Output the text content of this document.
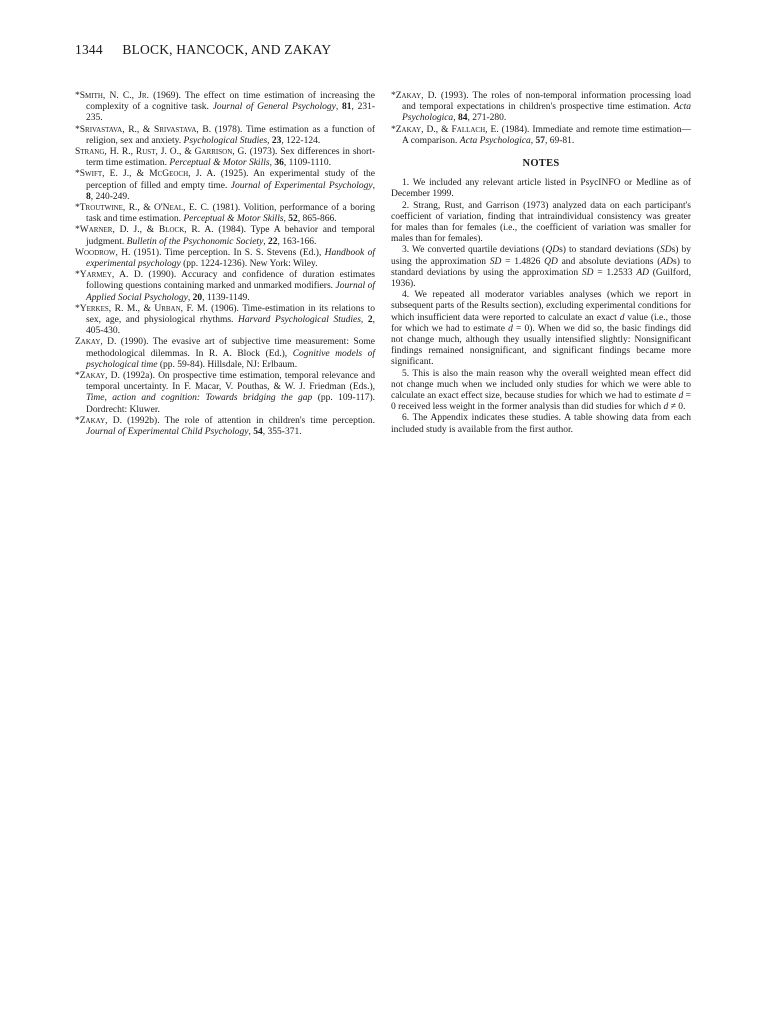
1344 BLOCK, HANCOCK, AND ZAKAY

*Smith, N. C., Jr. (1969). The effect on time estimation of increasing the complexity of a cognitive task. Journal of General Psychology, 81, 231-235.

*Srivastava, R., & Srivastava, B. (1978). Time estimation as a function of religion, sex and anxiety. Psychological Studies, 23, 122-124.

Strang, H. R., Rust, J. O., & Garrison, G. (1973). Sex differences in short-term time estimation. Perceptual & Motor Skills, 36, 1109-1110.

*Swift, E. J., & McGeoch, J. A. (1925). An experimental study of the perception of filled and empty time. Journal of Experimental Psychology, 8, 240-249.

*Troutwine, R., & O'Neal, E. C. (1981). Volition, performance of a boring task and time estimation. Perceptual & Motor Skills, 52, 865-866.

*Warner, D. J., & Block, R. A. (1984). Type A behavior and temporal judgment. Bulletin of the Psychonomic Society, 22, 163-166.

Woodrow, H. (1951). Time perception. In S. S. Stevens (Ed.), Handbook of experimental psychology (pp. 1224-1236). New York: Wiley.

*Yarmey, A. D. (1990). Accuracy and confidence of duration estimates following questions containing marked and unmarked modifiers. Journal of Applied Social Psychology, 20, 1139-1149.

*Yerkes, R. M., & Urban, F. M. (1906). Time-estimation in its relations to sex, age, and physiological rhythms. Harvard Psychological Studies, 2, 405-430.

Zakay, D. (1990). The evasive art of subjective time measurement: Some methodological dilemmas. In R. A. Block (Ed.), Cognitive models of psychological time (pp. 59-84). Hillsdale, NJ: Erlbaum.

*Zakay, D. (1992a). On prospective time estimation, temporal relevance and temporal uncertainty. In F. Macar, V. Pouthas, & W. J. Friedman (Eds.), Time, action and cognition: Towards bridging the gap (pp. 109-117). Dordrecht: Kluwer.

*Zakay, D. (1992b). The role of attention in children's time perception. Journal of Experimental Child Psychology, 54, 355-371.

*Zakay, D. (1993). The roles of non-temporal information processing load and temporal expectations in children's prospective time estimation. Acta Psychologica, 84, 271-280.

*Zakay, D., & Fallach, E. (1984). Immediate and remote time estimation—A comparison. Acta Psychologica, 57, 69-81.

NOTES

1. We included any relevant article listed in PsycINFO or Medline as of December 1999.

2. Strang, Rust, and Garrison (1973) analyzed data on each participant's coefficient of variation, finding that intraindividual consistency was greater for males than for females (i.e., the coefficient of variation was smaller for males than for females).

3. We converted quartile deviations (QDs) to standard deviations (SDs) by using the approximation SD = 1.4826 QD and absolute deviations (ADs) to standard deviations by using the approximation SD = 1.2533 AD (Guilford, 1936).

4. We repeated all moderator variables analyses (which we report in subsequent parts of the Results section), excluding experimental conditions for which insufficient data were reported to calculate an exact d value (i.e., those for which we had to estimate d = 0). When we did so, the basic findings did not change much, although they usually intensified slightly: Nonsignificant findings remained nonsignificant, and significant findings became more significant.

5. This is also the main reason why the overall weighted mean effect did not change much when we included only studies for which we were able to calculate an exact effect size, because studies for which we had to estimate d = 0 received less weight in the former analysis than did studies for which d ≠ 0.

6. The Appendix indicates these studies. A table showing data from each included study is available from the first author.
